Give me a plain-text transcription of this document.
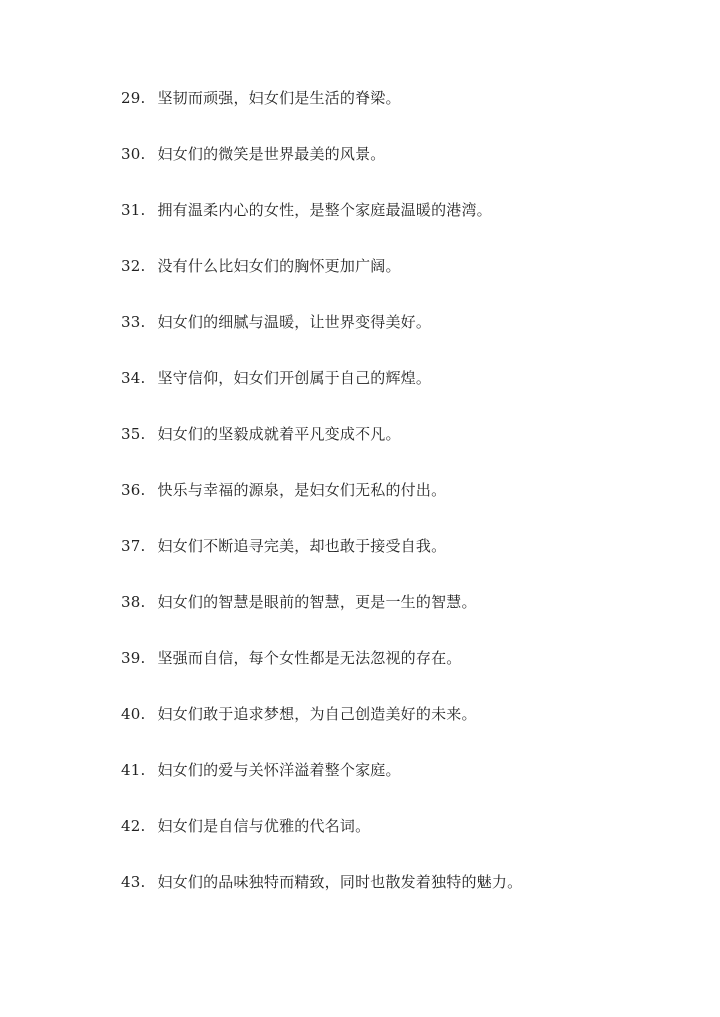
29. 坚韧而顽强，妇女们是生活的脊梁。
30. 妇女们的微笑是世界最美的风景。
31. 拥有温柔内心的女性，是整个家庭最温暖的港湾。
32. 没有什么比妇女们的胸怀更加广阔。
33. 妇女们的细腻与温暖，让世界变得美好。
34. 坚守信仰，妇女们开创属于自己的辉煌。
35. 妇女们的坚毅成就着平凡变成不凡。
36. 快乐与幸福的源泉，是妇女们无私的付出。
37. 妇女们不断追寻完美，却也敢于接受自我。
38. 妇女们的智慧是眼前的智慧，更是一生的智慧。
39. 坚强而自信，每个女性都是无法忽视的存在。
40. 妇女们敢于追求梦想，为自己创造美好的未来。
41. 妇女们的爱与关怀洋溢着整个家庭。
42. 妇女们是自信与优雅的代名词。
43. 妇女们的品味独特而精致，同时也散发着独特的魅力。
